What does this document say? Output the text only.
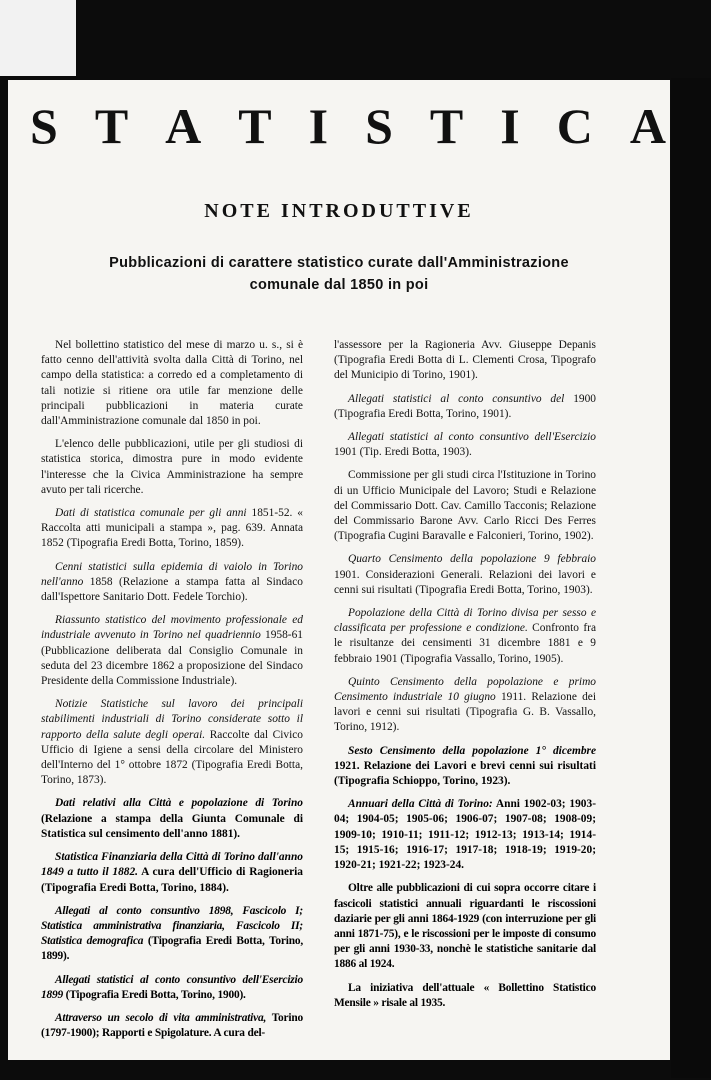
S T A T I S T I C A
NOTE INTRODUTTIVE
Pubblicazioni di carattere statistico curate dall'Amministrazione
comunale dal 1850 in poi

Nel bollettino statistico del mese di marzo u. s., si è fatto cenno dell'attività svolta dalla Città di Torino, nel campo della statistica: a corredo ed a completamento di tali notizie si ritiene ora utile far menzione delle principali pubblicazioni in materia curate dall'Amministrazione comunale dal 1850 in poi.

L'elenco delle pubblicazioni, utile per gli studiosi di statistica storica, dimostra pure in modo evidente l'interesse che la Civica Amministrazione ha sempre avuto per tali ricerche.

Dati di statistica comunale per gli anni 1851-52. « Raccolta atti municipali a stampa », pag. 639. Annata 1852 (Tipografia Eredi Botta, Torino, 1859).

Cenni statistici sulla epidemia di vaiolo in Torino nell'anno 1858 (Relazione a stampa fatta al Sindaco dall'Ispettore Sanitario Dott. Fedele Torchio).

Riassunto statistico del movimento professionale ed industriale avvenuto in Torino nel quadriennio 1958-61 (Pubblicazione deliberata dal Consiglio Comunale in seduta del 23 dicembre 1862 a proposizione del Sindaco Presidente della Commissione Industriale).

Notizie Statistiche sul lavoro dei principali stabilimenti industriali di Torino considerate sotto il rapporto della salute degli operai. Raccolte dal Civico Ufficio di Igiene a sensi della circolare del Ministero dell'Interno del 1° ottobre 1872 (Tipografia Eredi Botta, Torino, 1873).

Dati relativi alla Città e popolazione di Torino (Relazione a stampa della Giunta Comunale di Statistica sul censimento dell'anno 1881).

Statistica Finanziaria della Città di Torino dall'anno 1849 a tutto il 1882. A cura dell'Ufficio di Ragioneria (Tipografia Eredi Botta, Torino, 1884).

Allegati al conto consuntivo 1898, Fascicolo I; Statistica amministrativa finanziaria, Fascicolo II; Statistica demografica (Tipografia Eredi Botta, Torino, 1899).

Allegati statistici al conto consuntivo dell'Esercizio 1899 (Tipografia Eredi Botta, Torino, 1900).

Attraverso un secolo di vita amministrativa, Torino (1797-1900); Rapporti e Spigolature. A cura del-

l'assessore per la Ragioneria Avv. Giuseppe Depanis (Tipografia Eredi Botta di L. Clementi Crosa, Tipografo del Municipio di Torino, 1901).

Allegati statistici al conto consuntivo del 1900 (Tipografia Eredi Botta, Torino, 1901).

Allegati statistici al conto consuntivo dell'Esercizio 1901 (Tip. Eredi Botta, 1903).

Commissione per gli studi circa l'Istituzione in Torino di un Ufficio Municipale del Lavoro; Studi e Relazione del Commissario Dott. Cav. Camillo Tacconis; Relazione del Commissario Barone Avv. Carlo Ricci Des Ferres (Tipografia Cugini Baravalle e Falconieri, Torino, 1902).

Quarto Censimento della popolazione 9 febbraio 1901. Considerazioni Generali. Relazioni dei lavori e cenni sui risultati (Tipografia Eredi Botta, Torino, 1903).

Popolazione della Città di Torino divisa per sesso e classificata per professione e condizione. Confronto fra le risultanze dei censimenti 31 dicembre 1881 e 9 febbraio 1901 (Tipografia Vassallo, Torino, 1905).

Quinto Censimento della popolazione e primo Censimento industriale 10 giugno 1911. Relazione dei lavori e cenni sui risultati (Tipografia G. B. Vassallo, Torino, 1912).

Sesto Censimento della popolazione 1° dicembre 1921. Relazione dei Lavori e brevi cenni sui risultati (Tipografia Schioppo, Torino, 1923).

Annuari della Città di Torino: Anni 1902-03; 1903-04; 1904-05; 1905-06; 1906-07; 1907-08; 1908-09; 1909-10; 1910-11; 1911-12; 1912-13; 1913-14; 1914-15; 1915-16; 1916-17; 1917-18; 1918-19; 1919-20; 1920-21; 1921-22; 1923-24.

Oltre alle pubblicazioni di cui sopra occorre citare i fascicoli statistici annuali riguardanti le riscossioni daziarie per gli anni 1864-1929 (con interruzione per gli anni 1871-75), e le riscossioni per le imposte di consumo per gli anni 1930-33, nonchè le statistiche sanitarie dal 1886 al 1924.

La iniziativa dell'attuale « Bollettino Statistico Mensile » risale al 1935.
